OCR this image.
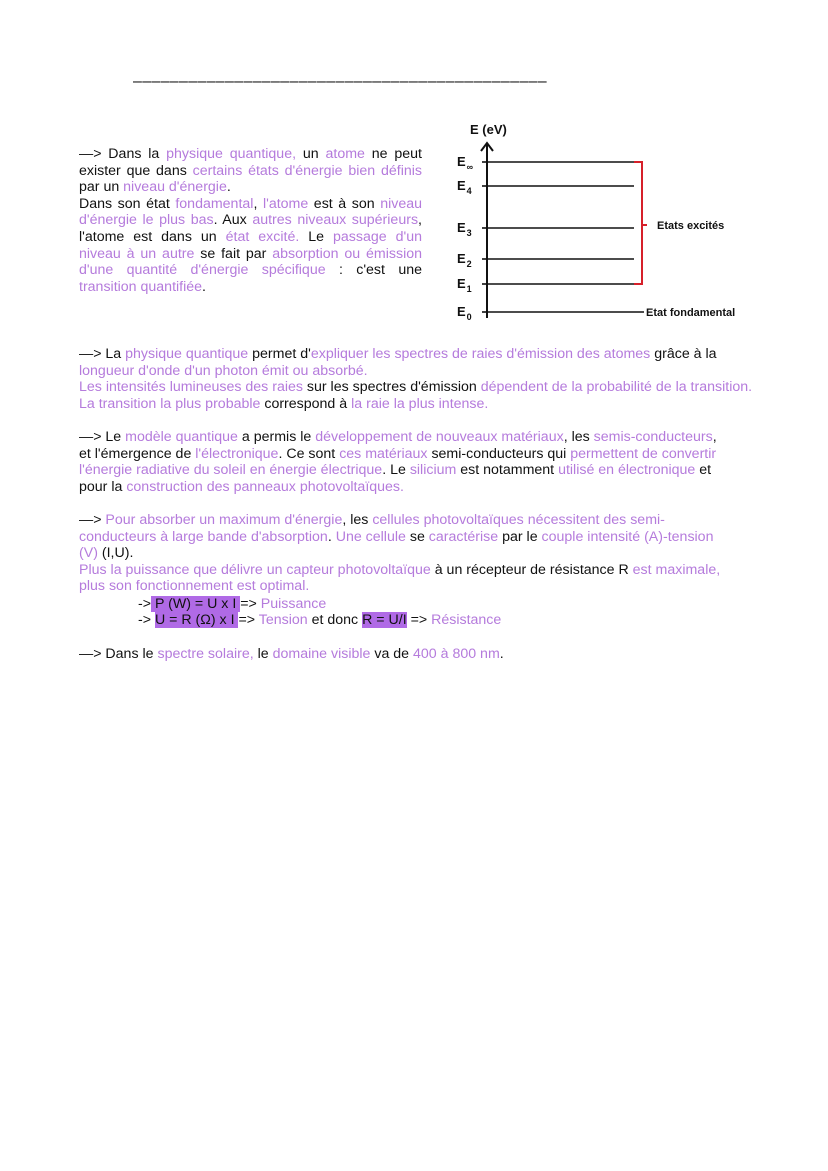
–––––––––––––––––––––––––––––––––––––––––––––
—> Dans la physique quantique, un atome ne peut exister que dans certains états d'énergie bien définis par un niveau d'énergie.
Dans son état fondamental, l'atome est à son niveau d'énergie le plus bas. Aux autres niveaux supérieurs, l'atome est dans un état excité. Le passage d'un niveau à un autre se fait par absorption ou émission d'une quantité d'énergie spécifique : c'est une transition quantifiée.
E (eV)
$E_\infty$
$E_4$
$E_3$
$E_2$
$E_1$
$E_0$
Etats excités
Etat fondamental
—> La physique quantique permet d'expliquer les spectres de raies d'émission des atomes grâce à la longueur d'onde d'un photon émit ou absorbé.
Les intensités lumineuses des raies sur les spectres d'émission dépendent de la probabilité de la transition. La transition la plus probable correspond à la raie la plus intense.
—> Le modèle quantique a permis le développement de nouveaux matériaux, les semis-conducteurs, et l'émergence de l'électronique. Ce sont ces matériaux semi-conducteurs qui permettent de convertir l'énergie radiative du soleil en énergie électrique. Le silicium est notamment utilisé en électronique et pour la construction des panneaux photovoltaïques.
—> Pour absorber un maximum d'énergie, les cellules photovoltaïques nécessitent des semi-conducteurs à large bande d'absorption. Une cellule se caractérise par le couple intensité (A)-tension (V) (I,U).
Plus la puissance que délivre un capteur photovoltaïque à un récepteur de résistance R est maximale, plus son fonctionnement est optimal.
-> P (W) = U x I => Puissance
-> U = R (Ω) x I => Tension et donc R = U/I => Résistance
—> Dans le spectre solaire, le domaine visible va de 400 à 800 nm.
